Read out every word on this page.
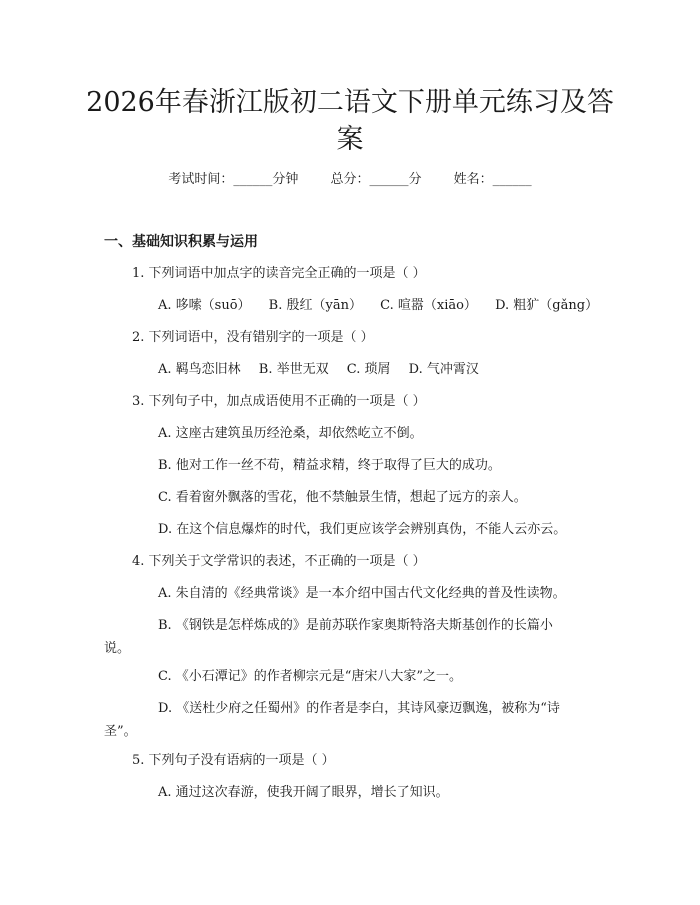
2026年春浙江版初二语文下册单元练习及答
案
考试时间：______分钟 总分：______分 姓名：______
一、基础知识积累与运用
1. 下列词语中加点字的读音完全正确的一项是（ ）
A. 哆嗦（suō） B. 殷红（yān） C. 喧嚣（xiāo） D. 粗犷（gǎng）
2. 下列词语中，没有错别字的一项是（ ）
A. 羁鸟恋旧林 B. 举世无双 C. 琐屑 D. 气冲霄汉
3. 下列句子中，加点成语使用不正确的一项是（ ）
A. 这座古建筑虽历经沧桑，却依然屹立不倒。
B. 他对工作一丝不苟，精益求精，终于取得了巨大的成功。
C. 看着窗外飘落的雪花，他不禁触景生情，想起了远方的亲人。
D. 在这个信息爆炸的时代，我们更应该学会辨别真伪，不能人云亦云。
4. 下列关于文学常识的表述，不正确的一项是（ ）
A. 朱自清的《经典常谈》是一本介绍中国古代文化经典的普及性读物。
B. 《钢铁是怎样炼成的》是前苏联作家奥斯特洛夫斯基创作的长篇小
说。
C. 《小石潭记》的作者柳宗元是“唐宋八大家”之一。
D. 《送杜少府之任蜀州》的作者是李白，其诗风豪迈飘逸，被称为“诗
圣”。
5. 下列句子没有语病的一项是（ ）
A. 通过这次春游，使我开阔了眼界，增长了知识。
